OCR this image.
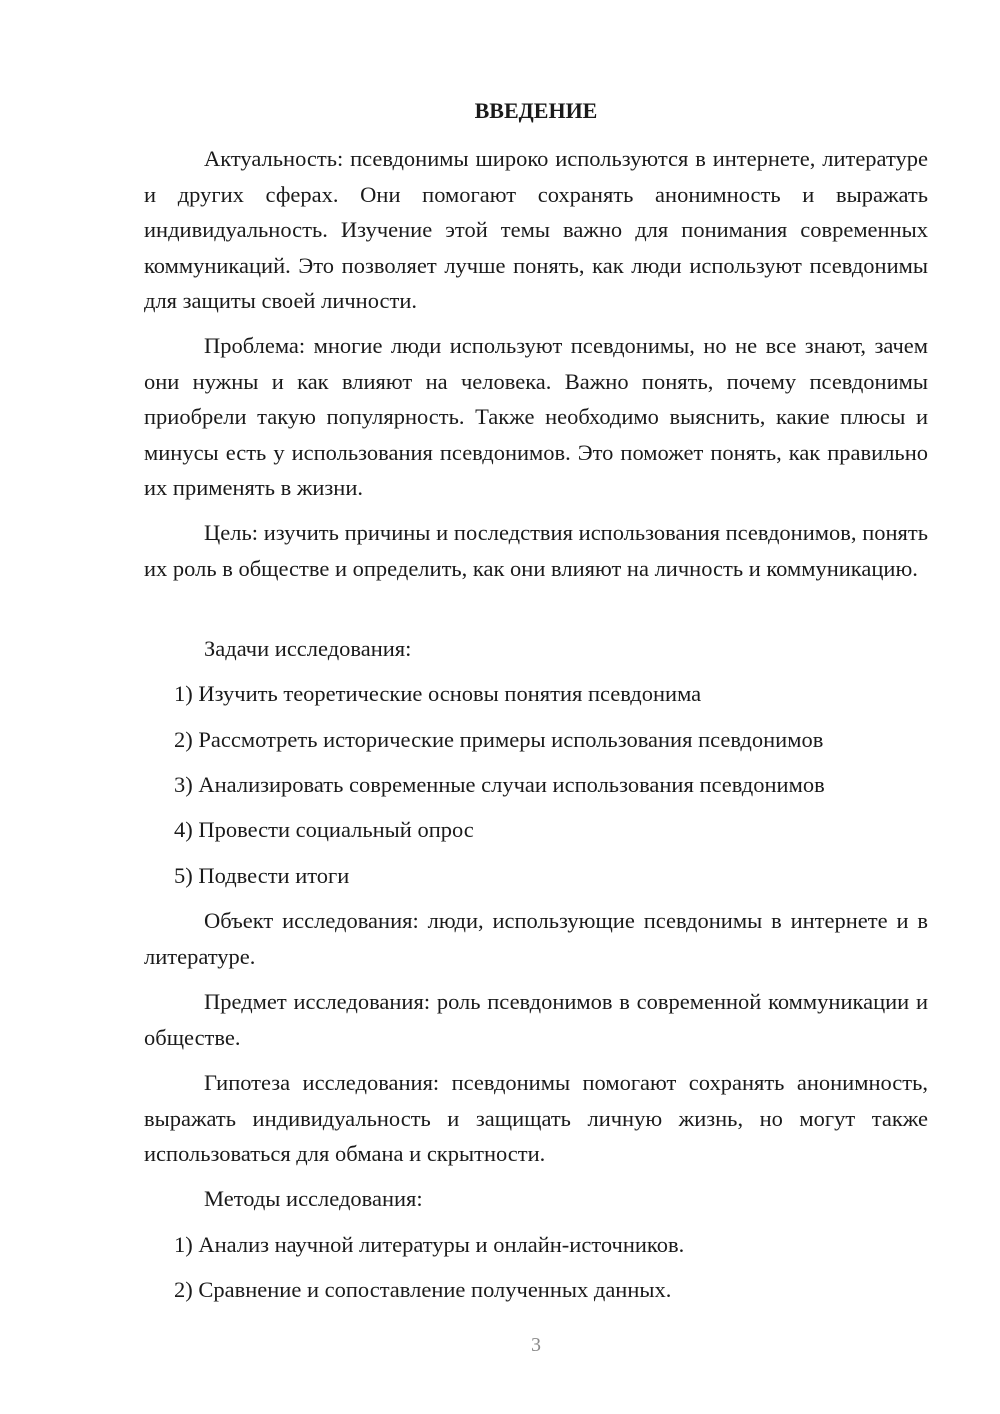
ВВЕДЕНИЕ

Актуальность: псевдонимы широко используются в интернете, литературе и других сферах. Они помогают сохранять анонимность и выражать индивидуальность. Изучение этой темы важно для понимания современных коммуникаций. Это позволяет лучше понять, как люди используют псевдонимы для защиты своей личности.

Проблема: многие люди используют псевдонимы, но не все знают, зачем они нужны и как влияют на человека. Важно понять, почему псевдонимы приобрели такую популярность. Также необходимо выяснить, какие плюсы и минусы есть у использования псевдонимов. Это поможет понять, как правильно их применять в жизни.

Цель: изучить причины и последствия использования псевдонимов, понять их роль в обществе и определить, как они влияют на личность и коммуникацию.

Задачи исследования:

1) Изучить теоретические основы понятия псевдонима

2) Рассмотреть исторические примеры использования псевдонимов

3) Анализировать современные случаи использования псевдонимов

4) Провести социальный опрос

5) Подвести итоги

Объект исследования: люди, использующие псевдонимы в интернете и в литературе.

Предмет исследования: роль псевдонимов в современной коммуникации и обществе.

Гипотеза исследования: псевдонимы помогают сохранять анонимность, выражать индивидуальность и защищать личную жизнь, но могут также использоваться для обмана и скрытности.

Методы исследования:

1) Анализ научной литературы и онлайн-источников.

2) Сравнение и сопоставление полученных данных.

3
